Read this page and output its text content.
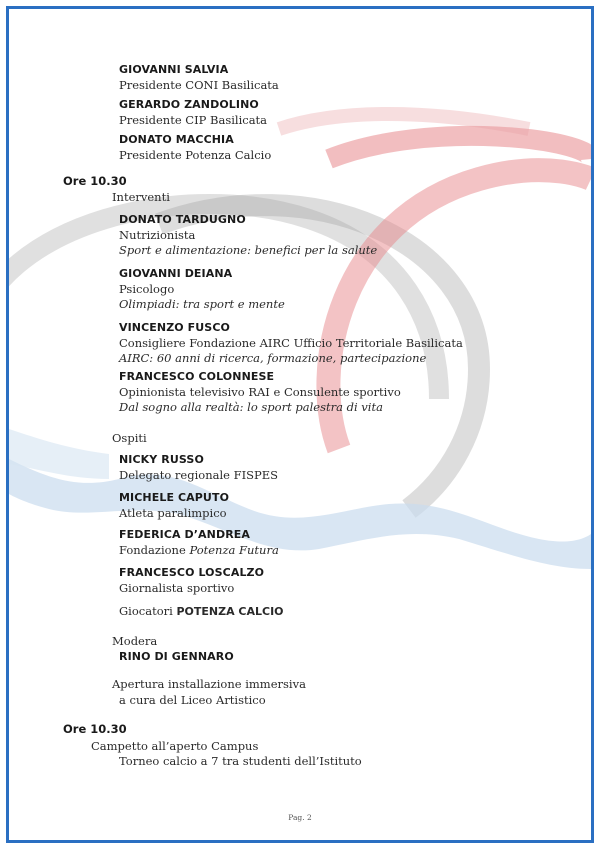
GIOVANNI SALVIA
Presidente CONI Basilicata
GERARDO ZANDOLINO
Presidente CIP Basilicata
DONATO MACCHIA
Presidente Potenza Calcio
Ore 10.30
Interventi
DONATO TARDUGNO
Nutrizionista
Sport e alimentazione: benefici per la salute
GIOVANNI DEIANA
Psicologo
Olimpiadi: tra sport e mente
VINCENZO FUSCO
Consigliere Fondazione AIRC Ufficio Territoriale Basilicata
AIRC: 60 anni di ricerca, formazione, partecipazione
FRANCESCO COLONNESE
Opinionista televisivo RAI e Consulente sportivo
Dal sogno alla realtà: lo sport palestra di vita
Ospiti
NICKY RUSSO
Delegato regionale FISPES
MICHELE CAPUTO
Atleta paralimpico
FEDERICA D’ANDREA
Fondazione Potenza Futura
FRANCESCO LOSCALZO
Giornalista sportivo
Giocatori POTENZA CALCIO
Modera
RINO DI GENNARO
Apertura installazione immersiva
a cura del Liceo Artistico
Ore 10.30
Campetto all’aperto Campus
Torneo calcio a 7 tra studenti dell’Istituto
Pag. 2
